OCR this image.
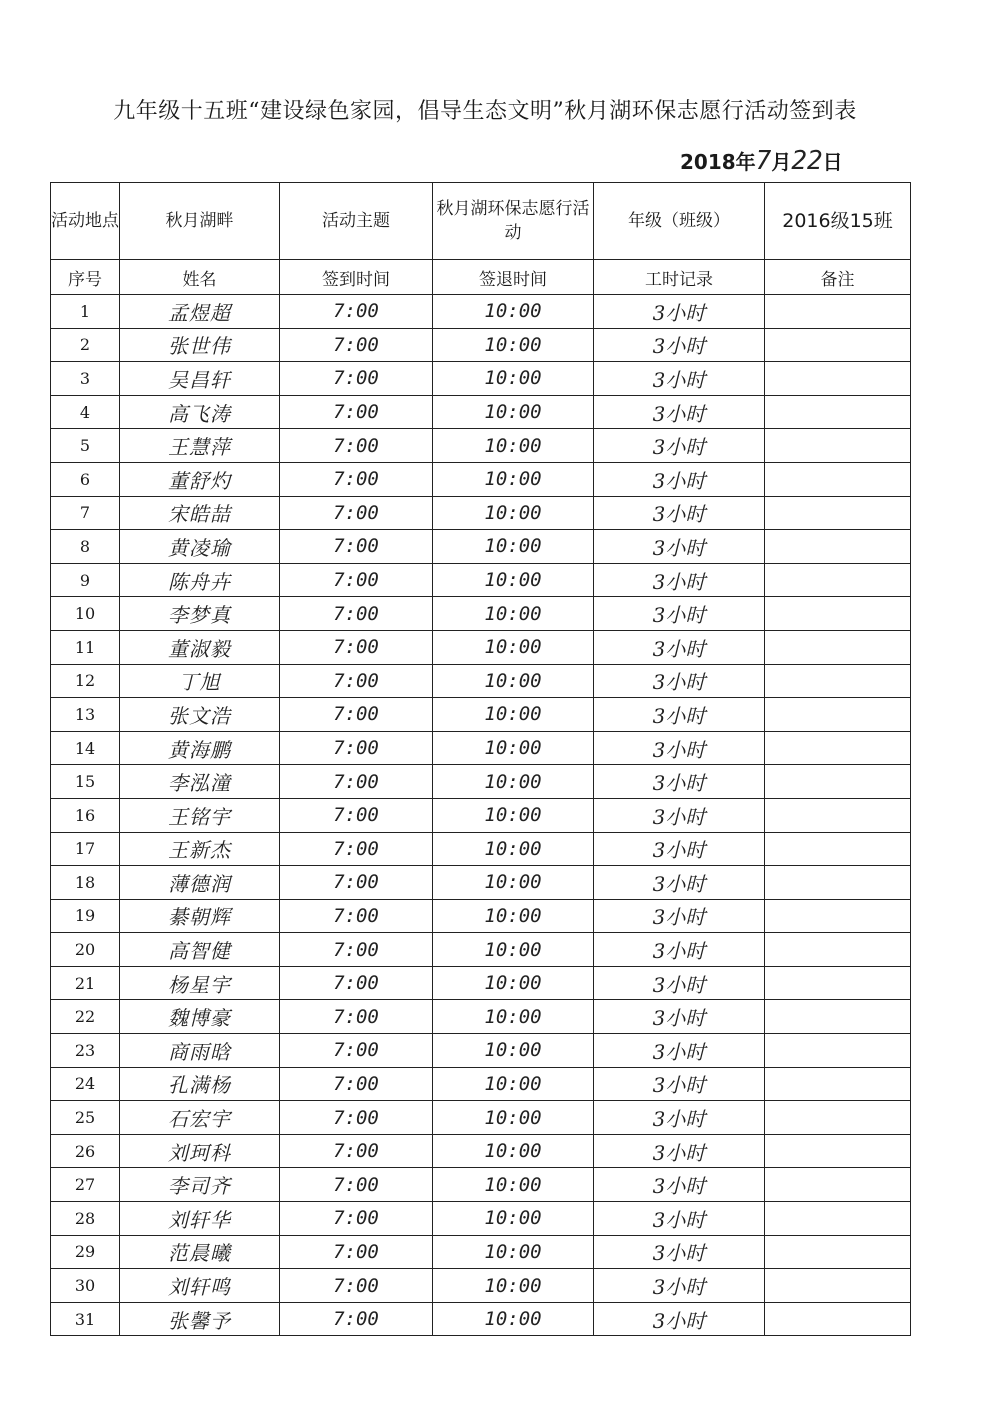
九年级十五班“建设绿色家园，倡导生态文明”秋月湖环保志愿行活动签到表
2018年7月22日
活动地点	秋月湖畔	活动主题	秋月湖环保志愿行活动	年级（班级）	2016级15班
序号	姓名	签到时间	签退时间	工时记录	备注
1	孟煜超	7:00	10:00	3小时	
2	张世伟	7:00	10:00	3小时	
3	吴昌轩	7:00	10:00	3小时	
4	高飞涛	7:00	10:00	3小时	
5	王慧萍	7:00	10:00	3小时	
6	董舒灼	7:00	10:00	3小时	
7	宋皓喆	7:00	10:00	3小时	
8	黄凌瑜	7:00	10:00	3小时	
9	陈舟卉	7:00	10:00	3小时	
10	李梦真	7:00	10:00	3小时	
11	董淑毅	7:00	10:00	3小时	
12	丁旭	7:00	10:00	3小时	
13	张文浩	7:00	10:00	3小时	
14	黄海鹏	7:00	10:00	3小时	
15	李泓潼	7:00	10:00	3小时	
16	王铭宇	7:00	10:00	3小时	
17	王新杰	7:00	10:00	3小时	
18	薄德润	7:00	10:00	3小时	
19	綦朝辉	7:00	10:00	3小时	
20	高智健	7:00	10:00	3小时	
21	杨星宇	7:00	10:00	3小时	
22	魏博豪	7:00	10:00	3小时	
23	商雨晗	7:00	10:00	3小时	
24	孔满杨	7:00	10:00	3小时	
25	石宏宇	7:00	10:00	3小时	
26	刘珂科	7:00	10:00	3小时	
27	李司齐	7:00	10:00	3小时	
28	刘轩华	7:00	10:00	3小时	
29	范晨曦	7:00	10:00	3小时	
30	刘轩鸣	7:00	10:00	3小时	
31	张馨予	7:00	10:00	3小时	
